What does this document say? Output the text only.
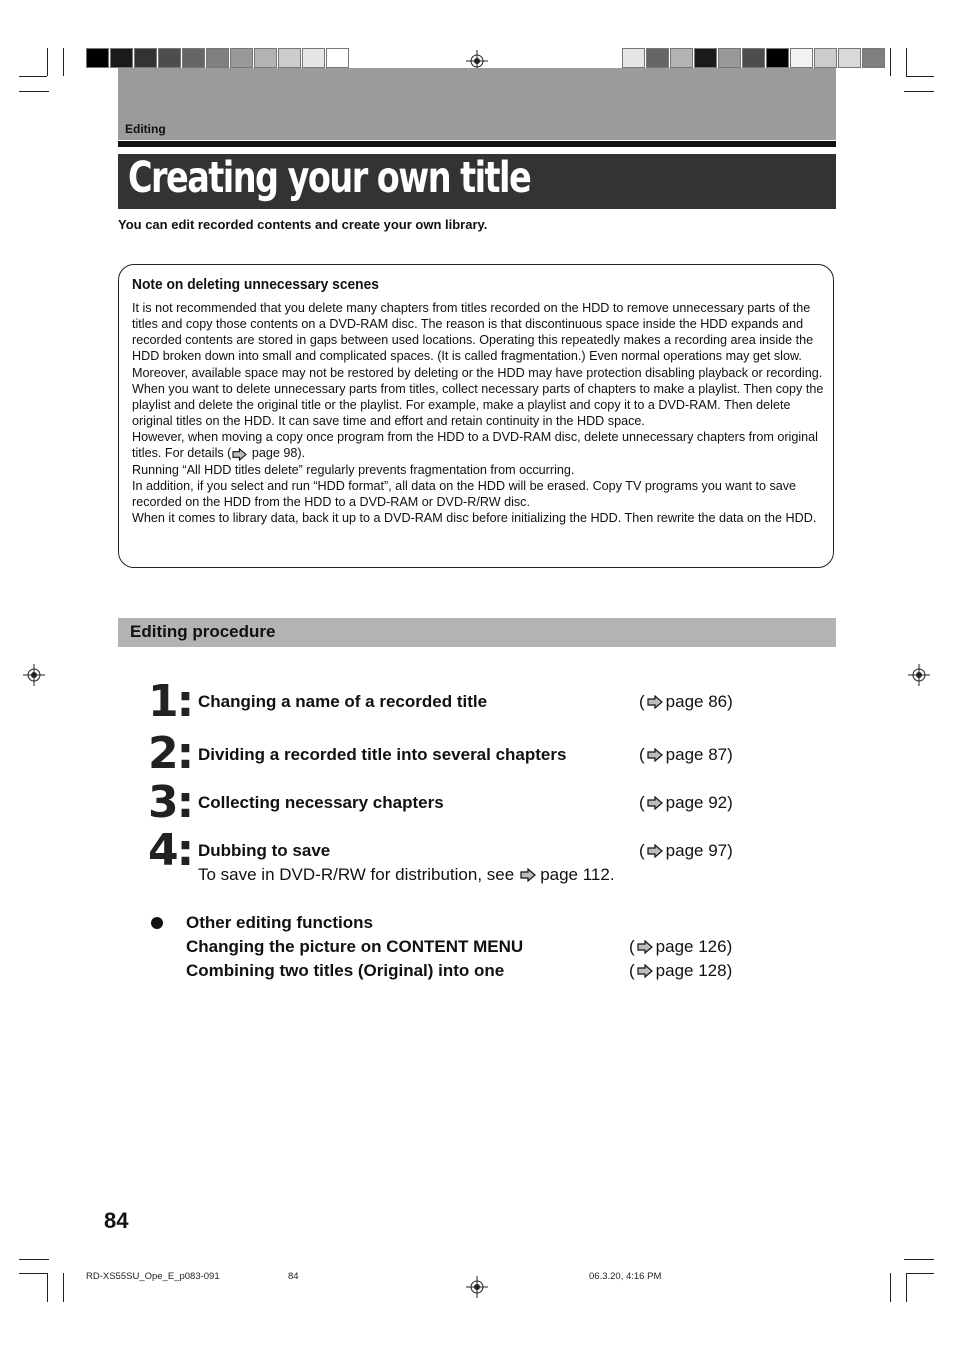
Editing
Creating your own title
You can edit recorded contents and create your own library.
Note on deleting unnecessary scenes

It is not recommended that you delete many chapters from titles recorded on the HDD to remove unnecessary parts of the titles and copy those contents on a DVD-RAM disc. The reason is that discontinuous space inside the HDD expands and recorded contents are stored in gaps between used locations. Operating this repeatedly makes a recording area inside the HDD broken down into small and complicated spaces. (It is called fragmentation.) Even normal operations may get slow. Moreover, available space may not be restored by deleting or the HDD may have protection disabling playback or recording.

When you want to delete unnecessary parts from titles, collect necessary parts of chapters to make a playlist. Then copy the playlist and delete the original title or the playlist. For example, make a playlist and copy it to a DVD-RAM. Then delete original titles on the HDD. It can save time and effort and retain continuity in the HDD space.

However, when moving a copy once program from the HDD to a DVD-RAM disc, delete unnecessary chapters from original titles. For details ( page 98).

Running “All HDD titles delete” regularly prevents fragmentation from occurring.

In addition, if you select and run “HDD format”, all data on the HDD will be erased. Copy TV programs you want to save recorded on the HDD from the HDD to a DVD-RAM or DVD-R/RW disc.

When it comes to library data, back it up to a DVD-RAM disc before initializing the HDD. Then rewrite the data on the HDD.

Editing procedure
1: Changing a name of a recorded title	( page 86)
2: Dividing a recorded title into several chapters	( page 87)
3: Collecting necessary chapters	( page 92)
4: Dubbing to save	( page 97)
To save in DVD-R/RW for distribution, see page 112.
Other editing functions
Changing the picture on CONTENT MENU	( page 126)
Combining two titles (Original) into one	( page 128)
84
RD-XS55SU_Ope_E_p083-091	84	06.3.20, 4:16 PM
